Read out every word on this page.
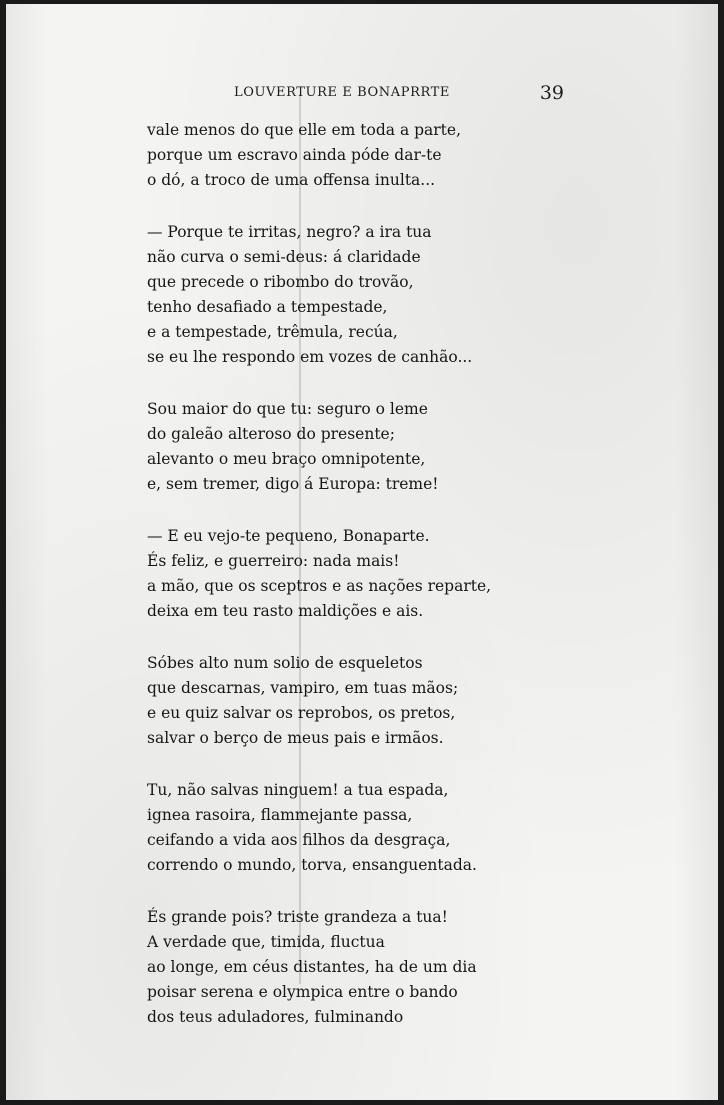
LOUVERTURE E BONAPRRTE	39
vale menos do que elle em toda a parte,
porque um escravo ainda póde dar-te
o dó, a troco de uma offensa inulta...
— Porque te irritas, negro? a ira tua
não curva o semi-deus: á claridade
que precede o ribombo do trovão,
tenho desafiado a tempestade,
e a tempestade, trêmula, recúa,
se eu lhe respondo em vozes de canhão...
Sou maior do que tu: seguro o leme
do galeão alteroso do presente;
alevanto o meu braço omnipotente,
e, sem tremer, digo á Europa: treme!
— E eu vejo-te pequeno, Bonaparte.
És feliz, e guerreiro: nada mais!
a mão, que os sceptros e as nações reparte,
deixa em teu rasto maldições e ais.
Sóbes alto num solio de esqueletos
que descarnas, vampiro, em tuas mãos;
e eu quiz salvar os reprobos, os pretos,
salvar o berço de meus pais e irmãos.
Tu, não salvas ninguem! a tua espada,
ignea rasoira, flammejante passa,
ceifando a vida aos filhos da desgraça,
correndo o mundo, torva, ensanguentada.
És grande pois? triste grandeza a tua!
A verdade que, timida, fluctua
ao longe, em céus distantes, ha de um dia
poisar serena e olympica entre o bando
dos teus aduladores, fulminando
